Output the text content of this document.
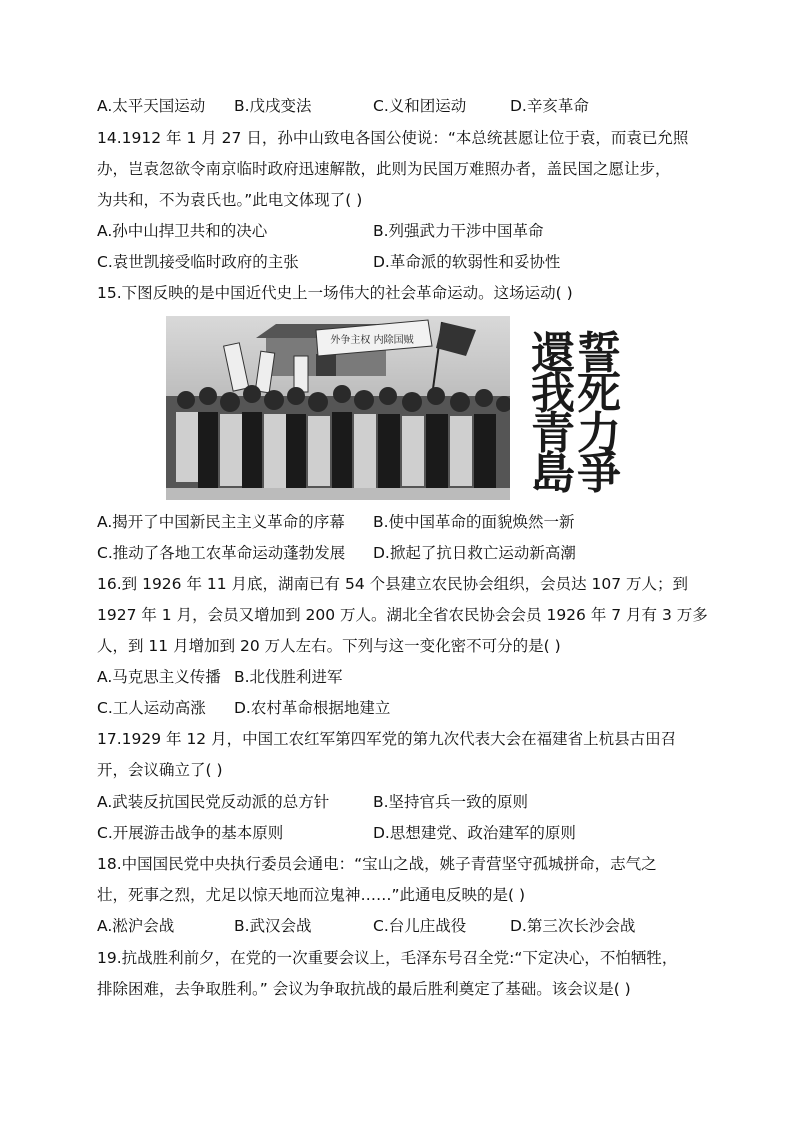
A.太平天国运动 B.戊戌变法	C.义和团运动	D.辛亥革命
14.1912 年 1 月 27 日，孙中山致电各国公使说：“本总统甚愿让位于袁，而袁已允照
办，岂袁忽欲令南京临时政府迅速解散，此则为民国万难照办者，盖民国之愿让步，
为共和，不为袁氏也。”此电文体现了( )
A.孙中山捍卫共和的决心	B.列强武力干涉中国革命
C.袁世凯接受临时政府的主张	D.革命派的软弱性和妥协性
15.下图反映的是中国近代史上一场伟大的社会革命运动。这场运动( )
外争主权 内除国贼	誓
死
力
爭
還
我
青
島
A.揭开了中国新民主主义革命的序幕 B.使中国革命的面貌焕然一新
C.推动了各地工农革命运动蓬勃发展 D.掀起了抗日救亡运动新高潮
16.到 1926 年 11 月底，湖南已有 54 个县建立农民协会组织，会员达 107 万人；到
1927 年 1 月，会员又增加到 200 万人。湖北全省农民协会会员 1926 年 7 月有 3 万多
人，到 11 月增加到 20 万人左右。下列与这一变化密不可分的是( )
A.马克思主义传播 B.北伐胜利进军
C.工人运动高涨 D.农村革命根据地建立
17.1929 年 12 月，中国工农红军第四军党的第九次代表大会在福建省上杭县古田召
开，会议确立了( )
A.武装反抗国民党反动派的总方针	B.坚持官兵一致的原则
C.开展游击战争的基本原则	D.思想建党、政治建军的原则
18.中国国民党中央执行委员会通电：“宝山之战，姚子青营坚守孤城拼命，志气之
壮，死事之烈，尤足以惊天地而泣鬼神……”此通电反映的是( )
A.淞沪会战	B.武汉会战	C.台儿庄战役	D.第三次长沙会战
19.抗战胜利前夕，在党的一次重要会议上，毛泽东号召全党:“下定决心，不怕牺牲，
排除困难，去争取胜利。” 会议为争取抗战的最后胜利奠定了基础。该会议是( )
